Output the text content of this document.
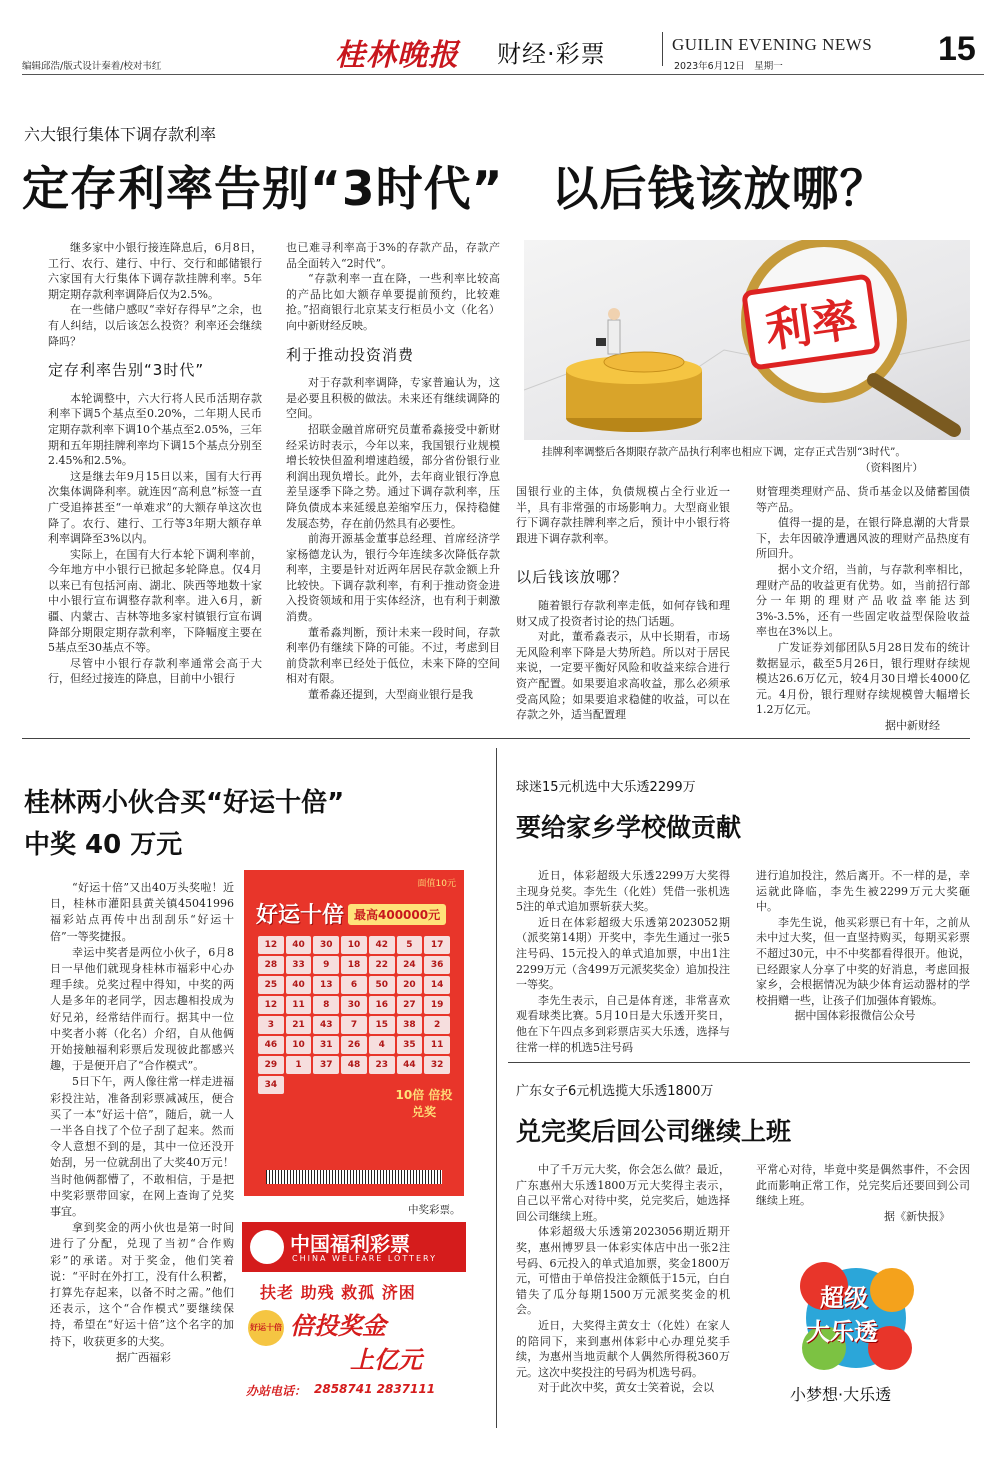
编辑邱浩/版式设计秦着/校对韦红	桂林晚报 财经·彩票	GUILIN EVENING NEWS
2023年6月12日　星期一	15
六大银行集体下调存款利率
定存利率告别“3时代”　以后钱该放哪？

继多家中小银行接连降息后，6月8日，工行、农行、建行、中行、交行和邮储银行六家国有大行集体下调存款挂牌利率。5年期定期存款利率调降后仅为2.5%。

在一些储户感叹“幸好存得早”之余，也有人纠结，以后该怎么投资？利率还会继续降吗？

定存利率告别“3时代”

本轮调整中，六大行将人民币活期存款利率下调5个基点至0.20%，二年期人民币定期存款利率下调10个基点至2.05%，三年期和五年期挂牌利率均下调15个基点分别至2.45%和2.5%。

这是继去年9月15日以来，国有大行再次集体调降利率。就连因“高利息”标签一直广受追捧甚至“一单难求”的大额存单这次也降了。农行、建行、工行等3年期大额存单利率调降至3%以内。

实际上，在国有大行本轮下调利率前，今年地方中小银行已掀起多轮降息。仅4月以来已有包括河南、湖北、陕西等地数十家中小银行宣布调整存款利率。进入6月，新疆、内蒙古、吉林等地多家村镇银行宣布调降部分期限定期存款利率，下降幅度主要在5基点至30基点不等。

尽管中小银行存款利率通常会高于大行，但经过接连的降息，目前中小银行

也已难寻利率高于3%的存款产品，存款产品全面转入“2时代”。

“存款利率一直在降，一些利率比较高的产品比如大额存单要提前预约，比较难抢。”招商银行北京某支行柜员小文（化名）向中新财经反映。

利于推动投资消费

对于存款利率调降，专家普遍认为，这是必要且积极的做法。未来还有继续调降的空间。

招联金融首席研究员董希淼接受中新财经采访时表示，今年以来，我国银行业规模增长较快但盈利增速趋缓，部分省份银行业利润出现负增长。此外，去年商业银行净息差呈逐季下降之势。通过下调存款利率，压降负债成本来延缓息差缩窄压力，保持稳健发展态势，存在前仍然具有必要性。

前海开源基金董事总经理、首席经济学家杨德龙认为，银行今年连续多次降低存款利率，主要是针对近两年居民存款金额上升比较快。下调存款利率，有利于推动资金进入投资领域和用于实体经济，也有利于刺激消费。

董希淼判断，预计未来一段时间，存款利率仍有继续下降的可能。不过，考虑到目前贷款利率已经处于低位，未来下降的空间相对有限。

董希淼还提到，大型商业银行是我

利率
挂牌利率调整后各期限存款产品执行利率也相应下调，定存正式告别“3时代”。
（资料图片）

国银行业的主体，负债规模占全行业近一半，具有非常强的市场影响力。大型商业银行下调存款挂牌利率之后，预计中小银行将跟进下调存款利率。

以后钱该放哪？

随着银行存款利率走低，如何存钱和理财又成了投资者讨论的热门话题。

对此，董希淼表示，从中长期看，市场无风险利率下降是大势所趋。所以对于居民来说，一定要平衡好风险和收益来综合进行资产配置。如果要追求高收益，那么必须承受高风险；如果要追求稳健的收益，可以在存款之外，适当配置理

财管理类理财产品、货币基金以及储蓄国债等产品。

值得一提的是，在银行降息潮的大背景下，去年因破净遭遇风波的理财产品热度有所回升。

据小文介绍，当前，与存款利率相比，理财产品的收益更有优势。如，当前招行部分一年期的理财产品收益率能达到3%-3.5%，还有一些固定收益型保险收益率也在3%以上。

广发证券刘郁团队5月28日发布的统计数据显示，截至5月26日，银行理财存续规模达26.6万亿元，较4月30日增长4000亿元。4月份，银行理财存续规模曾大幅增长1.2万亿元。

据中新财经

桂林两小伙合买“好运十倍”
中奖 40 万元

“好运十倍”又出40万头奖啦！近日，桂林市灌阳县黄关镇45041996福彩站点再传中出刮刮乐“好运十倍”一等奖捷报。

幸运中奖者是两位小伙子，6月8日一早他们就现身桂林市福彩中心办理手续。兑奖过程中得知，中奖的两人是多年的老同学，因志趣相投成为好兄弟，经常结伴而行。据其中一位中奖者小蒋（化名）介绍，自从他俩开始接触福利彩票后发现彼此都感兴趣，于是便开启了“合作模式”。

5日下午，两人像往常一样走进福彩投注站，准备刮彩票减减压，便合买了一本“好运十倍”，随后，就一人一半各自找了个位子刮了起来。然而令人意想不到的是，其中一位还没开始刮，另一位就刮出了大奖40万元！当时他俩都懵了，不敢相信，于是把中奖彩票带回家，在网上查询了兑奖事宜。

拿到奖金的两小伙也是第一时间进行了分配，兑现了当初“合作购彩”的承诺。对于奖金，他们笑着说：“平时在外打工，没有什么积蓄，打算先存起来，以备不时之需。”他们还表示，这个“合作模式”要继续保持，希望在“好运十倍”这个名字的加持下，收获更多的大奖。

据广西福彩

面值10元
好运十倍 最高400000元
12	40	30	10	42	5	17
28	33	9	18	22	24	36
25	40	13	6	50	20	14
12	11	8	30	16	27	19
3	21	43	7	15	38	2
46	10	31	26	4	35	11
29	1	37	48	23	44	32
34
10倍 倍投兑奖
中奖彩票。
中国福利彩票
CHINA WELFARE LOTTERY
扶老 助残 救孤 济困
好运十倍 倍投奖金
上亿元
办站电话： 2858741 2837111
球迷15元机选中大乐透2299万
要给家乡学校做贡献

近日，体彩超级大乐透2299万大奖得主现身兑奖。李先生（化姓）凭借一张机选5注的单式追加票斩获大奖。

近日在体彩超级大乐透第2023052期（派奖第14期）开奖中，李先生通过一张5注号码、15元投入的单式追加票，中出1注2299万元（含499万元派奖奖金）追加投注一等奖。

李先生表示，自己是体育迷，非常喜欢观看球类比赛。5月10日是大乐透开奖日，他在下午四点多到彩票店买大乐透，选择与往常一样的机选5注号码

进行追加投注，然后离开。不一样的是，幸运就此降临，李先生被2299万元大奖砸中。

李先生说，他买彩票已有十年，之前从未中过大奖，但一直坚持购买，每期买彩票不超过30元，中不中奖都看得很开。他说，已经跟家人分享了中奖的好消息，考虑回报家乡，会根据情况为缺少体育运动器材的学校捐赠一些，让孩子们加强体育锻炼。

据中国体彩报微信公众号

广东女子6元机选揽大乐透1800万
兑完奖后回公司继续上班

中了千万元大奖，你会怎么做？最近，广东惠州大乐透1800万元大奖得主表示，自己以平常心对待中奖，兑完奖后，她选择回公司继续上班。

体彩超级大乐透第2023056期近期开奖，惠州博罗县一体彩实体店中出一张2注号码、6元投入的单式追加票，奖金1800万元，可惜由于单倍投注金额低于15元，白白错失了瓜分每期1500万元派奖奖金的机会。

近日，大奖得主黄女士（化姓）在家人的陪同下，来到惠州体彩中心办理兑奖手续，为惠州当地贡献个人偶然所得税360万元。这次中奖投注的号码为机选号码。

对于此次中奖，黄女士笑着说，会以

平常心对待，毕竟中奖是偶然事件，不会因此而影响正常工作，兑完奖后还要回到公司继续上班。

据《新快报》

超级
大乐透
小梦想·大乐透
